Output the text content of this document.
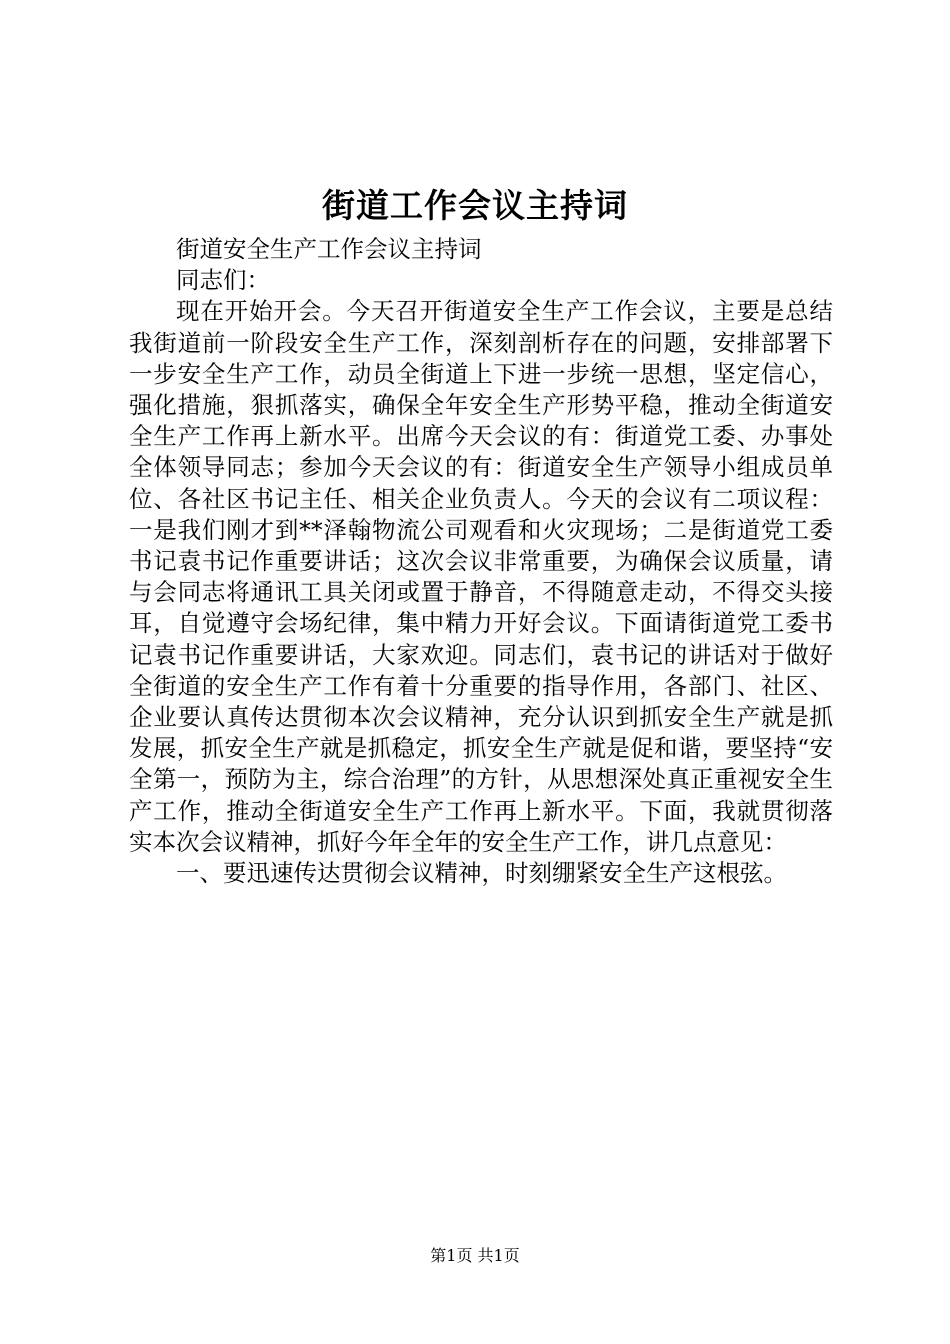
街道工作会议主持词

街道安全生产工作会议主持词

同志们：

现在开始开会。今天召开街道安全生产工作会议，主要是总结我街道前一阶段安全生产工作，深刻剖析存在的问题，安排部署下一步安全生产工作，动员全街道上下进一步统一思想，坚定信心，强化措施，狠抓落实，确保全年安全生产形势平稳，推动全街道安全生产工作再上新水平。出席今天会议的有：街道党工委、办事处全体领导同志；参加今天会议的有：街道安全生产领导小组成员单位、各社区书记主任、相关企业负责人。今天的会议有二项议程：一是我们刚才到**泽翰物流公司观看和火灾现场；二是街道党工委书记袁书记作重要讲话；这次会议非常重要，为确保会议质量，请与会同志将通讯工具关闭或置于静音，不得随意走动，不得交头接耳，自觉遵守会场纪律，集中精力开好会议。下面请街道党工委书记袁书记作重要讲话，大家欢迎。同志们，袁书记的讲话对于做好全街道的安全生产工作有着十分重要的指导作用，各部门、社区、企业要认真传达贯彻本次会议精神，充分认识到抓安全生产就是抓发展，抓安全生产就是抓稳定，抓安全生产就是促和谐，要坚持“安全第一，预防为主，综合治理”的方针，从思想深处真正重视安全生产工作，推动全街道安全生产工作再上新水平。下面，我就贯彻落实本次会议精神，抓好今年全年的安全生产工作，讲几点意见：

一、要迅速传达贯彻会议精神，时刻绷紧安全生产这根弦。

第1页 共1页
